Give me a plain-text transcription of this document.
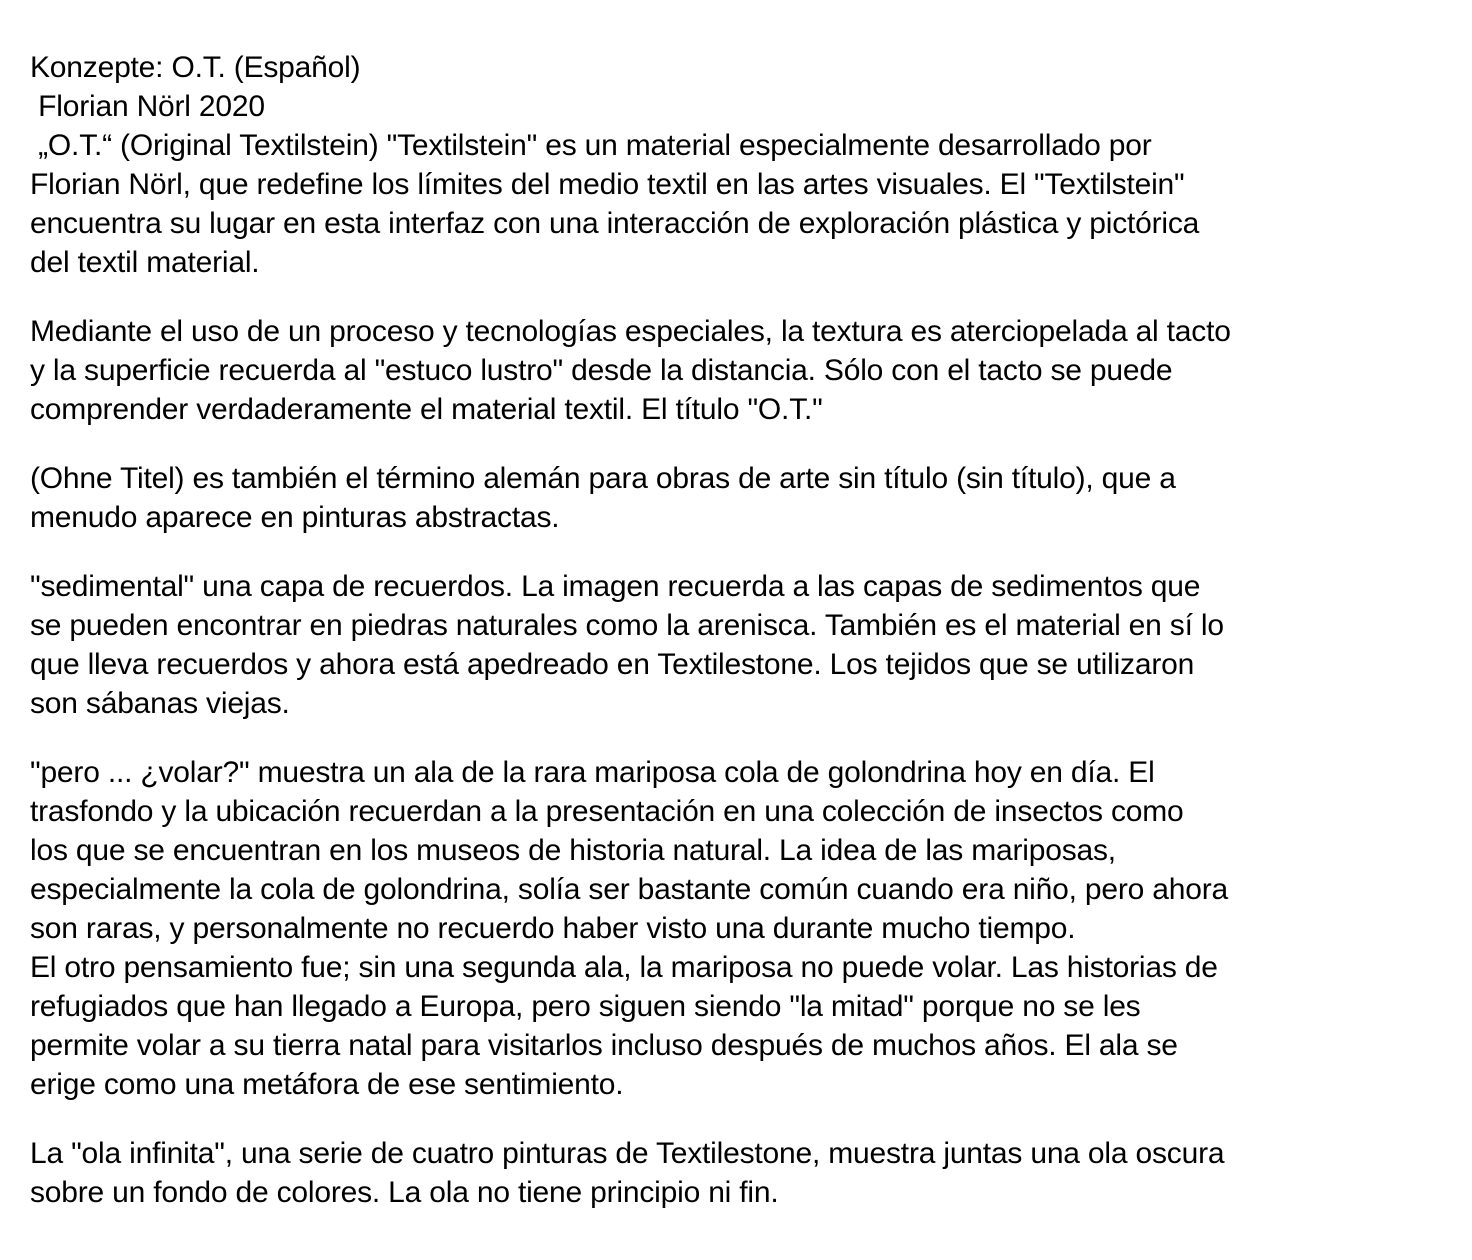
Konzepte: O.T. (Español)
Florian Nörl 2020
„O.T.“ (Original Textilstein) "Textilstein" es un material especialmente desarrollado por
Florian Nörl, que redefine los límites del medio textil en las artes visuales. El "Textilstein"
encuentra su lugar en esta interfaz con una interacción de exploración plástica y pictórica
del textil material.
Mediante el uso de un proceso y tecnologías especiales, la textura es aterciopelada al tacto
y la superficie recuerda al "estuco lustro" desde la distancia. Sólo con el tacto se puede
comprender verdaderamente el material textil. El título "O.T."
(Ohne Titel) es también el término alemán para obras de arte sin título (sin título), que a
menudo aparece en pinturas abstractas.
"sedimental" una capa de recuerdos. La imagen recuerda a las capas de sedimentos que
se pueden encontrar en piedras naturales como la arenisca. También es el material en sí lo
que lleva recuerdos y ahora está apedreado en Textilestone. Los tejidos que se utilizaron
son sábanas viejas.
"pero ... ¿volar?" muestra un ala de la rara mariposa cola de golondrina hoy en día. El
trasfondo y la ubicación recuerdan a la presentación en una colección de insectos como
los que se encuentran en los museos de historia natural. La idea de las mariposas,
especialmente la cola de golondrina, solía ser bastante común cuando era niño, pero ahora
son raras, y personalmente no recuerdo haber visto una durante mucho tiempo.
El otro pensamiento fue; sin una segunda ala, la mariposa no puede volar. Las historias de
refugiados que han llegado a Europa, pero siguen siendo "la mitad" porque no se les
permite volar a su tierra natal para visitarlos incluso después de muchos años. El ala se
erige como una metáfora de ese sentimiento.
La "ola infinita", una serie de cuatro pinturas de Textilestone, muestra juntas una ola oscura
sobre un fondo de colores. La ola no tiene principio ni fin.
